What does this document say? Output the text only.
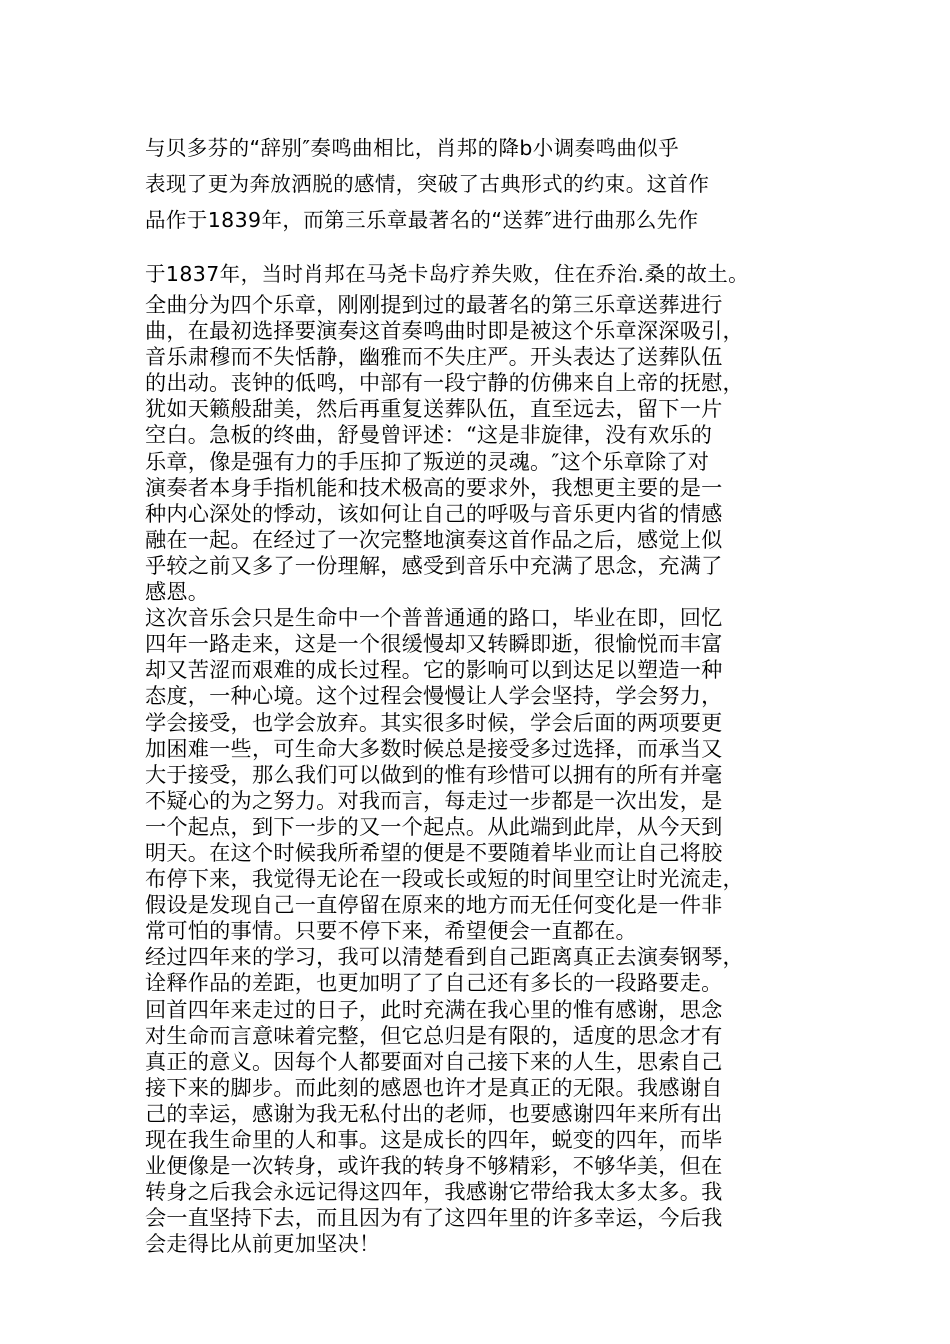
与贝多芬的“辞别″奏鸣曲相比，肖邦的降b小调奏鸣曲似乎
表现了更为奔放洒脱的感情，突破了古典形式的约束。这首作
品作于1839年，而第三乐章最著名的“送葬″进行曲那么先作
于1837年，当时肖邦在马尧卡岛疗养失败，住在乔治.桑的故土。
全曲分为四个乐章，刚刚提到过的最著名的第三乐章送葬进行
曲，在最初选择要演奏这首奏鸣曲时即是被这个乐章深深吸引，
音乐肃穆而不失恬静，幽雅而不失庄严。开头表达了送葬队伍
的出动。丧钟的低鸣，中部有一段宁静的仿佛来自上帝的抚慰，
犹如天籁般甜美，然后再重复送葬队伍，直至远去，留下一片
空白。急板的终曲，舒曼曾评述：“这是非旋律，没有欢乐的
乐章，像是强有力的手压抑了叛逆的灵魂。″这个乐章除了对
演奏者本身手指机能和技术极高的要求外，我想更主要的是一
种内心深处的悸动，该如何让自己的呼吸与音乐更内省的情感
融在一起。在经过了一次完整地演奏这首作品之后，感觉上似
乎较之前又多了一份理解，感受到音乐中充满了思念，充满了
感恩。
这次音乐会只是生命中一个普普通通的路口，毕业在即，回忆
四年一路走来，这是一个很缓慢却又转瞬即逝，很愉悦而丰富
却又苦涩而艰难的成长过程。它的影响可以到达足以塑造一种
态度，一种心境。这个过程会慢慢让人学会坚持，学会努力，
学会接受，也学会放弃。其实很多时候，学会后面的两项要更
加困难一些，可生命大多数时候总是接受多过选择，而承当又
大于接受，那么我们可以做到的惟有珍惜可以拥有的所有并毫
不疑心的为之努力。对我而言，每走过一步都是一次出发，是
一个起点，到下一步的又一个起点。从此端到此岸，从今天到
明天。在这个时候我所希望的便是不要随着毕业而让自己将胶
布停下来，我觉得无论在一段或长或短的时间里空让时光流走，
假设是发现自己一直停留在原来的地方而无任何变化是一件非
常可怕的事情。只要不停下来，希望便会一直都在。
经过四年来的学习，我可以清楚看到自己距离真正去演奏钢琴，
诠释作品的差距，也更加明了了自己还有多长的一段路要走。
回首四年来走过的日子，此时充满在我心里的惟有感谢，思念
对生命而言意味着完整，但它总归是有限的，适度的思念才有
真正的意义。因每个人都要面对自己接下来的人生，思索自己
接下来的脚步。而此刻的感恩也许才是真正的无限。我感谢自
己的幸运，感谢为我无私付出的老师，也要感谢四年来所有出
现在我生命里的人和事。这是成长的四年，蜕变的四年，而毕
业便像是一次转身，或许我的转身不够精彩，不够华美，但在
转身之后我会永远记得这四年，我感谢它带给我太多太多。我
会一直坚持下去，而且因为有了这四年里的许多幸运，今后我
会走得比从前更加坚决！
